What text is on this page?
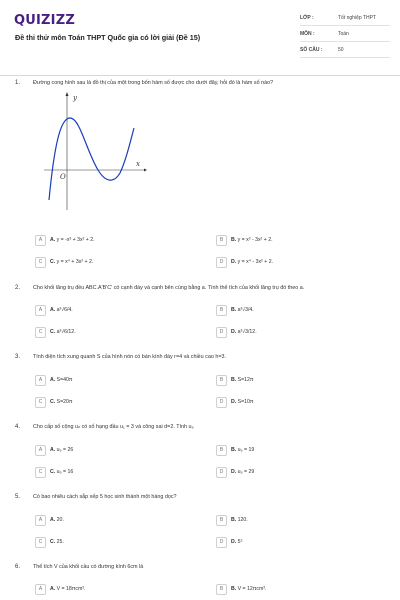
QUIZIZZ
Đề thi thử môn Toán THPT Quốc gia có lời giải (Đề 15)
LỚP :	Tốt nghiệp THPT
MÔN :	Toán
SỐ CÂU :	50
1. Đường cong hình sau là đồ thị của một trong bốn hàm số được cho dưới đây, hỏi đó là hàm số nào?
y
x
O
A	A. y = -x³ + 3x² + 2.	B	B. y = x³ - 3x² + 2.
C	C. y = x⁴ + 3x² + 2.	D	D. y = x⁴ - 3x² + 2.
2. Cho khối lăng trụ đều ABC.A'B'C' có cạnh đáy và cạnh bên cùng bằng a. Tính thể tích của khối lăng trụ đó theo a.
A	A. a³√6/4.	B	B. a³√3/4.
C	C. a³√6/12.	D	D. a³√3/12.
3. Tính diện tích xung quanh S của hình nón có bán kính đáy r=4 và chiều cao h=3.
A	A. S=40π	B	B. S=12π
C	C. S=20π	D	D. S=10π
4. Cho cấp số cộng uₙ có số hạng đầu u₁ = 3 và công sai d=2. Tính u₉
A	A. u₉ = 26	B	B. u₉ = 19
C	C. u₉ = 16	D	D. u₉ = 29
5. Có bao nhiêu cách sắp xếp 5 học sinh thành một hàng dọc?
A	A. 20.	B	B. 120.
C	C. 25.	D	D. 5⁵
6. Thể tích V của khối cầu có đường kính 6cm là
A	A. V = 18πcm³.	B	B. V = 12πcm³.
